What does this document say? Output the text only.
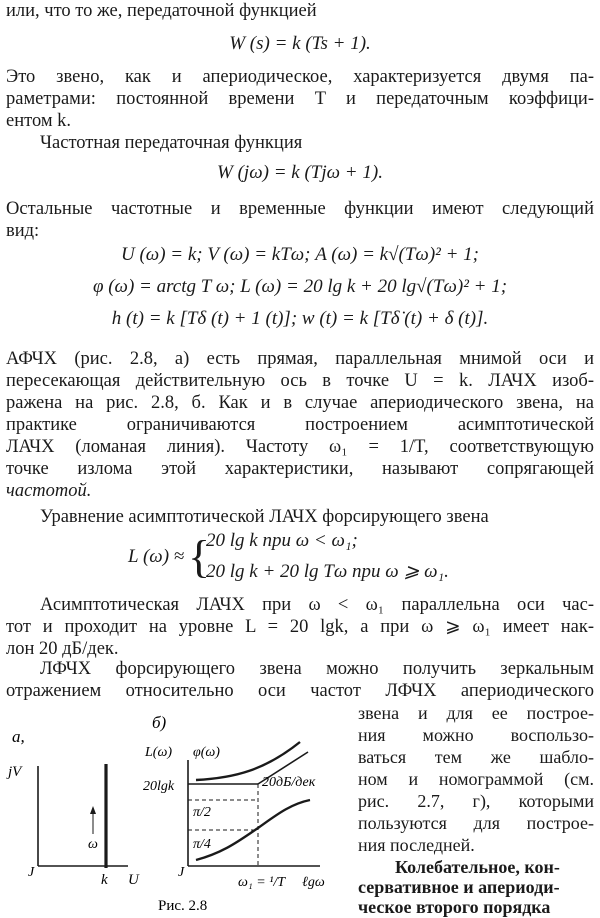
или, что то же, передаточной функцией
W (s) = k (Ts + 1).
Это звено, как и апериодическое, характеризуется двумя па-
раметрами: постоянной времени T и передаточным коэффици-
ентом k.
Частотная передаточная функция
W (jω) = k (Tjω + 1).
Остальные частотные и временные функции имеют следующий
вид:
U (ω) = k; V (ω) = kTω; A (ω) = k√(Tω)² + 1;
φ (ω) = arctg T ω; L (ω) = 20 lg k + 20 lg√(Tω)² + 1;
h (t) = k [Tδ (t) + 1 (t)]; w (t) = k [Tδ̇ (t) + δ (t)].
АФЧХ (рис. 2.8, а) есть прямая, параллельная мнимой оси и
пересекающая действительную ось в точке U = k. ЛАЧХ изоб-
ражена на рис. 2.8, б. Как и в случае апериодического звена, на
практике ограничиваются построением асимптотической
ЛАЧХ (ломаная линия). Частоту ω₁ = 1/T, соответствующую
точке излома этой характеристики, называют сопрягающей
частотой.
Уравнение асимптотической ЛАЧХ форсирующего звена
L (ω) ≈ {
20 lg k при ω < ω₁;
20 lg k + 20 lg Tω при ω ⩾ ω₁.
Асимптотическая ЛАЧХ при ω < ω₁ параллельна оси час-
тот и проходит на уровне L = 20 lgk, а при ω ⩾ ω₁ имеет нак-
лон 20 дБ/дек.
ЛФЧХ форсирующего звена можно получить зеркальным
отражением относительно оси частот ЛФЧХ апериодического
звена и для ее построе-
ния можно воспользо-
ваться тем же шабло-
ном и номограммой (см.
рис. 2.7, г), которыми
пользуются для построе-
ния последней.
Колебательное, кон-
сервативное и апериоди-
ческое второго порядка
а,
jV
ω
J	k U
б)
L(ω) φ(ω)
20lgk	20дБ/дек
π/2
π/4
J
ω₁ = ¹/T ℓgω
Рис. 2.8
